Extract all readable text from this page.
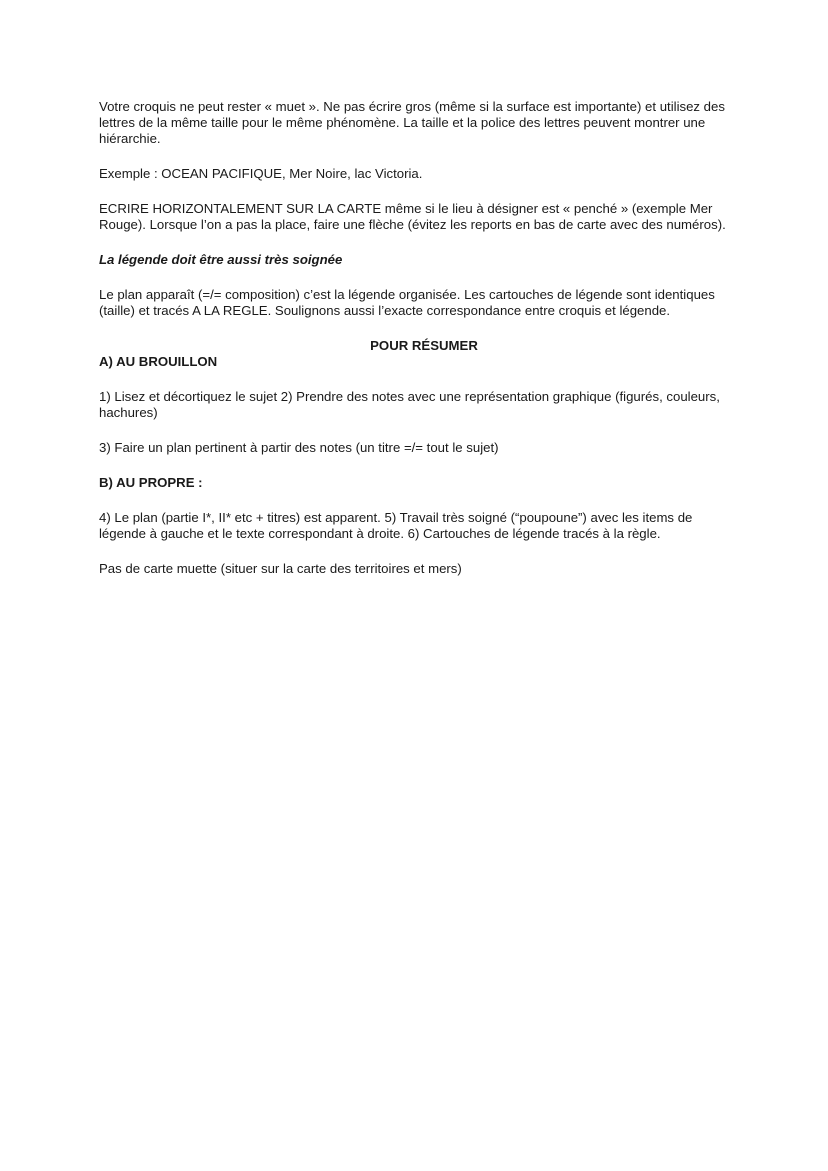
Votre croquis ne peut rester « muet ». Ne pas écrire gros (même si la surface est importante) et utilisez des lettres de la même taille pour le même phénomène. La taille et la police des lettres peuvent montrer une hiérarchie.

Exemple : OCEAN PACIFIQUE, Mer Noire, lac Victoria.

ECRIRE HORIZONTALEMENT SUR LA CARTE même si le lieu à désigner est « penché » (exemple Mer Rouge). Lorsque l’on a pas la place, faire une flèche (évitez les reports en bas de carte avec des numéros).

La légende doit être aussi très soignée

Le plan apparaît (=/= composition) c’est la légende organisée. Les cartouches de légende sont identiques (taille) et tracés A LA REGLE. Soulignons aussi l’exacte correspondance entre croquis et légende.

POUR RÉSUMER

A) AU BROUILLON

1) Lisez et décortiquez le sujet 2) Prendre des notes avec une représentation graphique (figurés, couleurs, hachures)

3) Faire un plan pertinent à partir des notes (un titre =/= tout le sujet)

B) AU PROPRE :

4) Le plan (partie I*, II* etc + titres) est apparent. 5) Travail très soigné (“poupoune”) avec les items de légende à gauche et le texte correspondant à droite. 6) Cartouches de légende tracés à la règle.

Pas de carte muette (situer sur la carte des territoires et mers)
